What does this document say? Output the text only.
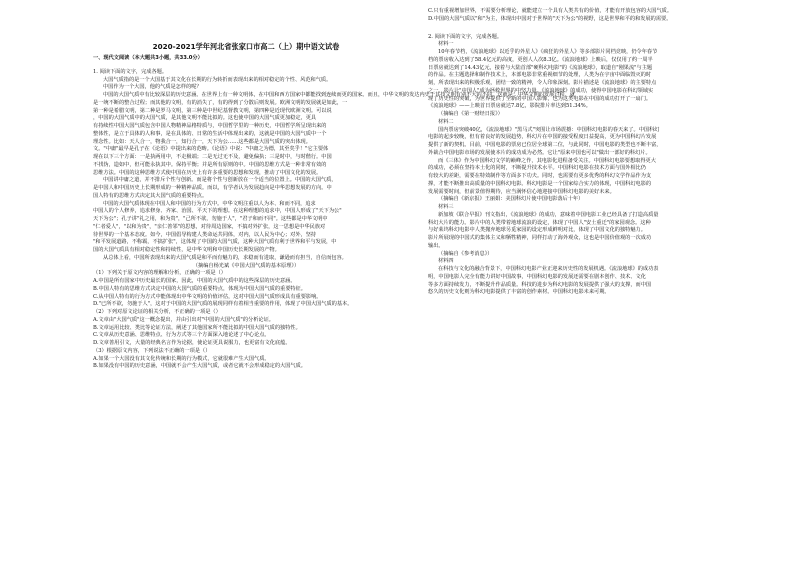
2020-2021学年河北省张家口市高二（上）期中语文试卷

一、现代文阅读（本大题共3小题，共33.0分）

1. 阅读下面的文字，完成各题。

大国气质指的是一个大国基于其文化在长期的行为转折而表现出来的相对稳定的个性、风范和气质。

中国作为一个大国，他的气质是怎样的呢？

中国的大国气质中有比较深层的历史意涵。在世界上有一种文明体，在中国和西方国家中都能找到连续而更的国家。而且，中华文明的发达内史于其技文明有别不大的不同。这就是：中华文明的发展过程，就

是一统不断的整合过程；而其他的文明，有的消失了，有的得到了分散后则发展。欧洲文明的发展就是如此，一

第一种是希腊文明，第二种是罗马文明，第三种是中世纪基督教文明，第四种是近现代欧洲文明。可以说

，中国的大国气质中的大国气质，是其他文明不能比拟的。这也使中国的大国气质更加稳定，更具

有持续性中国大国气质包含中国人物精神品格特质与，中国哲学里的一种历史，中国哲学所呈现出来的

整体性，是立于具体的人和事，是在具体的、日常的生活中体现出来的，这就是中国的大国气质中一个

理念性。比如：天人合一，物我合一，知行合一，天下为公……这些都是大国气质的突出体现。

文。"中庸"最早是孔子在《论语》中提出来的范畴。《论语》中说："中庸之为德，其至矣乎！"它主要体

现在以下三个方面：一是执两用中，不走极端；二是无过无不及，避免偏执；三是时中，与时偕行。中国

不找伪，造如中，但可能永执其中。保持平衡；并是所有原则的中。中国的思维方式是一种非常有效的

思维方法。中国的这种思维方式使中国在历史上有许多重要的思想和发现，推动了中国文化的发展。

中国讲中庸之道，并不排斥个性与创新。而是将个性与创新放在一个适当的位置上。中国的大国气质，

是中国人和中国历史上长期形成的一种精神品质。而以，有学者认为发展趋向是中华思想发展的方向。中

国人特有的思维方式决定其大国气质的重要特点。

中国的大国气质体现在中国人和中国的行为方式中。中华文明注重以人为本、和而不同，追求

中国人的个人修养，追求修身、齐家、治国、平天下的理想。在这种理想的追求中，中国人形成了"天下为公"

天下为公"；孔子讲"礼之用，和为贵"，"己所不欲，勿施于人"，"君子和而不同"。这些都是中华文明中

"仁者爱人"，"以和为贵"，"亲仁善邻"的思想，对待周边国家，不搞对外扩张，这一思想是中华民族对

待世界的一个基本态度。如今，中国倡导构建人类命运共同体，对内，以人民为中心；对外，坚持

"和平发展道路，不称霸，不搞扩张"，这体现了中国的大国气质，这种大国气质有利于世界和平与发展，中

国的大国气质具有相对稳定性和持续性，是中华文明和中国历史长期发展的产物。

从总体上看，中国所表现出来的大国气质是和平而有魅力的，求稳而有进取，谦逊而有担当，自信而包容。

（摘编自杨光斌《中国大国气质的基本原理》）

（1）下列关于原文内容的理解和分析，正确的一项是（）

A.中国是所有国家中历史最长的国家，因此，中国的大国气质中的这些深层的历史意涵。

B.中国人特有的思维方式决定中国的大国气质的重要特点，体现为中国大国气质的重要特征。

C.从中国人特有的行为方式中能体现出中华文明的价值评估，这对中国大国气质形成具有重要影响。

D."已所不欲，勿施于人"，这对于中国的大国气质的展现同样有着相当重要的作用，体现了中国大国气质的基本。

（2）下列对原文论证的相关分析，不正确的一项是（）

A.文章由"大国气质"这一概念提出，并由引出对"中国的大国气质"的分析论证。

B.文章运用比较、类比等论证方法，阐述了其他国家所不能比拟的中国大国气质的独特性。

C.文章从历史意涵、思维特点、行为方式等三个方面深入地论述了中心论点。

D.文章善用引文，大量的经典名言作为论据，使论证更具说服力，也更富有文化底蕴。

（3）根据原文内容，下列说法不正确的一项是（）

A.如果一个大国没有其文化传统和长期的行为模式，它就很难产生大国气质。

B.如果没有中国的历史意涵，中国就不会产生大国气质，或者它就不会形成稳定的大国气质。

C.只有重视增加世界，不需要分析理论，就能建立一个具有人类共有的价值，才能有开放包容的大国气质。

D.中国的大国气质以"和"为主，体现出中国对于世界的"天下为公"的视野，这是世界和平的和发展的需要。

2. 阅读下面的文字，完成各题。

材料一

10年春节档，《流浪地球》以近乎的外星人》《疯狂的外星人》等多部影片同档竞映，仍令年春节

档的票房收入达到了58.4亿元的高度，更创人人次8.3亿。《流浪地球》上映后，仅仅用了约一周半

日票房就达到了14.43亿元，接着与大陆首部"硬科幻电影"的《流浪地球》，取道自"刚果流"与主题

的作品。在主题选择和制作技术上，本部电影非常重视细节的处理，人类为在宇宙中面临毁灭的时

刻，所表现出来的积极乐观，团结一致的精神，令人印象深刻。影片描述是《流浪地球》的主要特点

之一。影片让"中国人"成为拯救世界的中坚力量。《流浪地球》的成功，使得中国电影在科幻领域实

现了历史性的突破，为世界提供了全新的中国人影像，也为这类电影在中国的成功打开了一扇门。

《流浪地球》——上映首日票房就达7.8亿，影院排片率达到51.34%。

（摘编自《第一财经日报》）

材料二

国内票房突破40亿，《流浪地球》"黑马式"突围让市场震撼：中国科幻电影的春天来了。中国科幻

电影的起步较晚，但有着良好的发展趋势，科幻片在中国的接受程度日益提高，更为中国科幻片发展

提供了新的契机。目前，中国电影的票房已位居全球第二位，与此同时，中国电影的类型也不断丰富，

外裁合中国电影市场的发展使本片的成功成为必然。它让"原来中国也可以"做出一部好的科幻片。

而《三体》作为中国科幻文学的巅峰之作，其电影化进程备受关注。中国科幻电影要想取得更大

的成功，必须在坚持本土化的同时，不断提升技术水平。中国科幻电影在技术方面与国外相比仍

有较大的差距，需要在特效制作等方面多下功夫。同时，也需要有更多优秀的科幻文学作品作为支

撑，才能不断推出高质量的中国科幻电影。科幻电影是一个国家综合实力的体现，中国科幻电影的

发展需要时间，但前景值得期待，应当满怀信心地迎接中国科幻电影的美好未来。

（摘编自《新京报》王丽娟：美国科幻片使中国电影落后十年）

材料三

新加坡《联合早报》刊文指出，《流浪地球》的成功，意味着中国电影工业已经具备了打造高质量

科幻大片的能力。影片中的人类带着地球流浪的设定，体现了中国人"安土重迁"的家园观念。这种

与好莱坞科幻电影中人类抛弃地球另觅家园的设定形成鲜明对比，体现了中国文化的独特魅力。

影片所展现的中国式的集体主义和牺牲精神，同样打动了海外观众，这也是中国价值观的一次成功

输出。

（摘编自《参考消息》）

材料四

在科技与文化的融合背景下，中国科幻电影产业正迎来历史性的发展机遇。《流浪地球》的成功表

明，中国电影人完全有能力讲好中国故事，中国科幻电影的发展还需要在剧本创作、技术、文化

等多方面持续发力，不断提升作品质量。科技的进步为科幻电影的发展提供了强大的支撑，而中国

悠久的历史文化则为科幻电影提供了丰富的创作素材。中国科幻电影未来可期。
